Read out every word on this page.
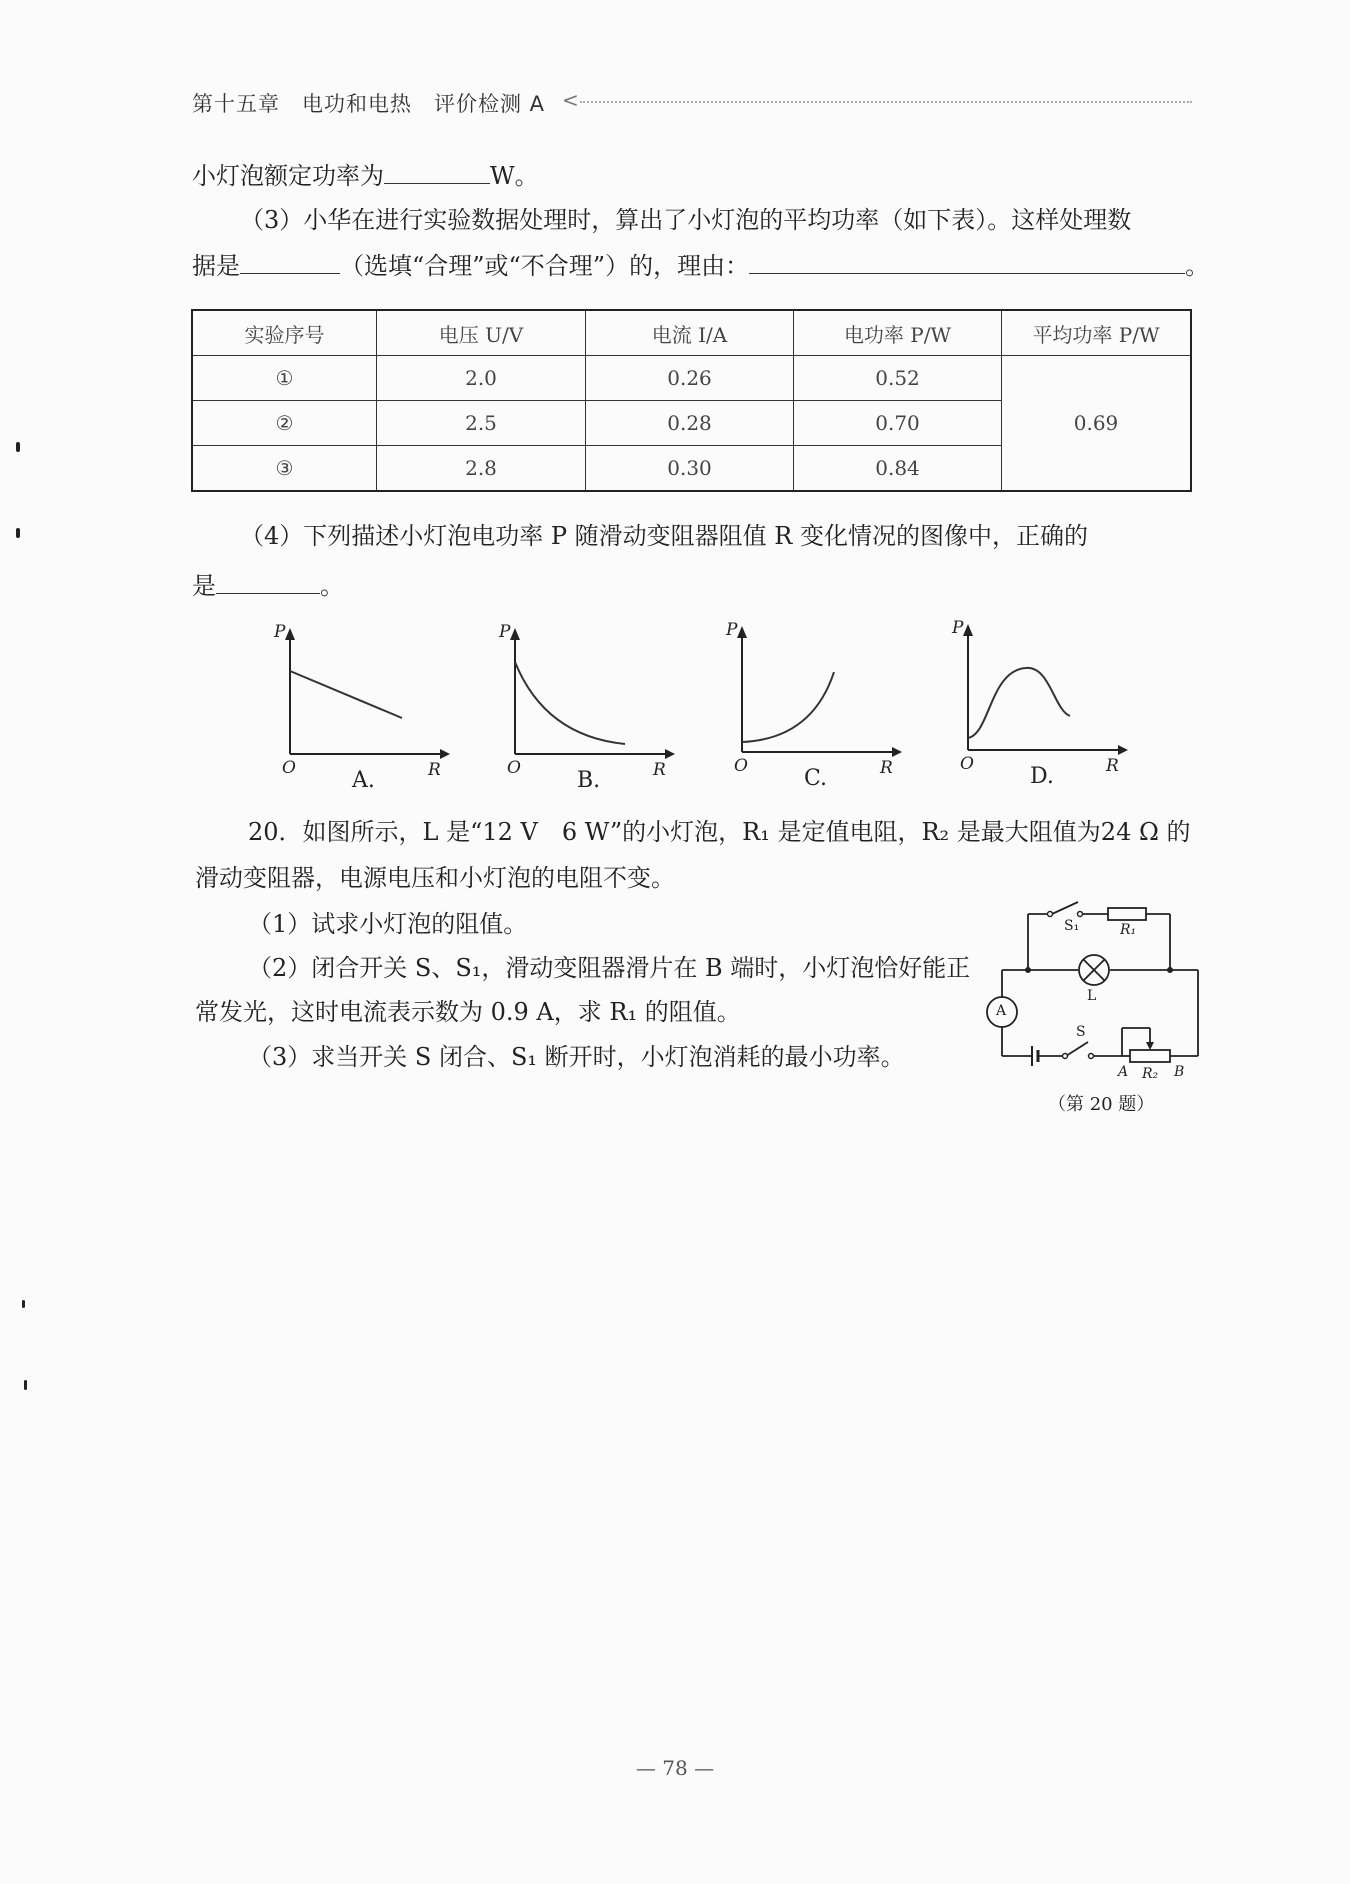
第十五章　电功和电热　评价检测 A <
小灯泡额定功率为	W。
（3）小华在进行实验数据处理时，算出了小灯泡的平均功率（如下表）。这样处理数
据是	（选填“合理”或“不合理”）的，理由：	。
实验序号	电压 U/V	电流 I/A	电功率 P/W	平均功率 P/W
①	2.0	0.26	0.52	0.69
②	2.5	0.28	0.70	
③	2.8	0.30	0.84	
（4）下列描述小灯泡电功率 P 随滑动变阻器阻值 R 变化情况的图像中，正确的
是	。
P
O	R
A.
P
O	R
B.
P
O	R
C.
P
O	R
D.
20．如图所示，L 是“12 V　6 W”的小灯泡，R₁ 是定值电阻，R₂ 是最大阻值为24 Ω 的
滑动变阻器，电源电压和小灯泡的电阻不变。
（1）试求小灯泡的阻值。
（2）闭合开关 S、S₁，滑动变阻器滑片在 B 端时，小灯泡恰好能正
常发光，这时电流表示数为 0.9 A，求 R₁ 的阻值。
（3）求当开关 S 闭合、S₁ 断开时，小灯泡消耗的最小功率。
S₁	R₁
L
A
S
A R₂ B
（第 20 题）
— 78 —
